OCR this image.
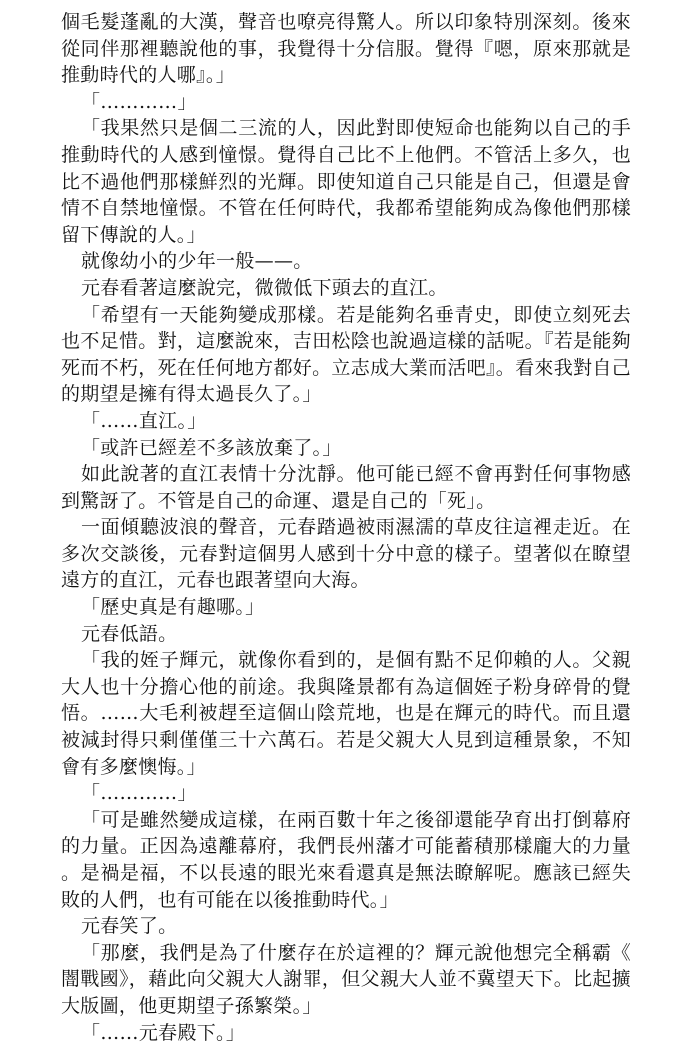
個毛髮蓬亂的大漢，聲音也嘹亮得驚人。所以印象特別深刻。後來從同伴那裡聽說他的事，我覺得十分信服。覺得『嗯，原來那就是推動時代的人哪』。」

「…………」

「我果然只是個二三流的人，因此對即使短命也能夠以自己的手推動時代的人感到憧憬。覺得自己比不上他們。不管活上多久，也比不過他們那樣鮮烈的光輝。即使知道自己只能是自己，但還是會情不自禁地憧憬。不管在任何時代，我都希望能夠成為像他們那樣留下傳說的人。」

就像幼小的少年一般——。

元春看著這麼說完，微微低下頭去的直江。

「希望有一天能夠變成那樣。若是能夠名垂青史，即使立刻死去也不足惜。對，這麼說來，吉田松陰也說過這樣的話呢。『若是能夠死而不朽，死在任何地方都好。立志成大業而活吧』。看來我對自己的期望是擁有得太過長久了。」

「……直江。」

「或許已經差不多該放棄了。」

如此說著的直江表情十分沈靜。他可能已經不會再對任何事物感到驚訝了。不管是自己的命運、還是自己的「死」。

一面傾聽波浪的聲音，元春踏過被雨濕濡的草皮往這裡走近。在多次交談後，元春對這個男人感到十分中意的樣子。望著似在瞭望遠方的直江，元春也跟著望向大海。

「歷史真是有趣哪。」

元春低語。

「我的姪子輝元，就像你看到的，是個有點不足仰賴的人。父親大人也十分擔心他的前途。我與隆景都有為這個姪子粉身碎骨的覺悟。……大毛利被趕至這個山陰荒地，也是在輝元的時代。而且還被減封得只剩僅僅三十六萬石。若是父親大人見到這種景象，不知會有多麼懊悔。」

「…………」

「可是雖然變成這樣，在兩百數十年之後卻還能孕育出打倒幕府的力量。正因為遠離幕府，我們長州藩才可能蓄積那樣龐大的力量。是禍是福，不以長遠的眼光來看還真是無法瞭解呢。應該已經失敗的人們，也有可能在以後推動時代。」

元春笑了。

「那麼，我們是為了什麼存在於這裡的？輝元說他想完全稱霸《闇戰國》，藉此向父親大人謝罪，但父親大人並不冀望天下。比起擴大版圖，他更期望子孫繁榮。」

「……元春殿下。」
